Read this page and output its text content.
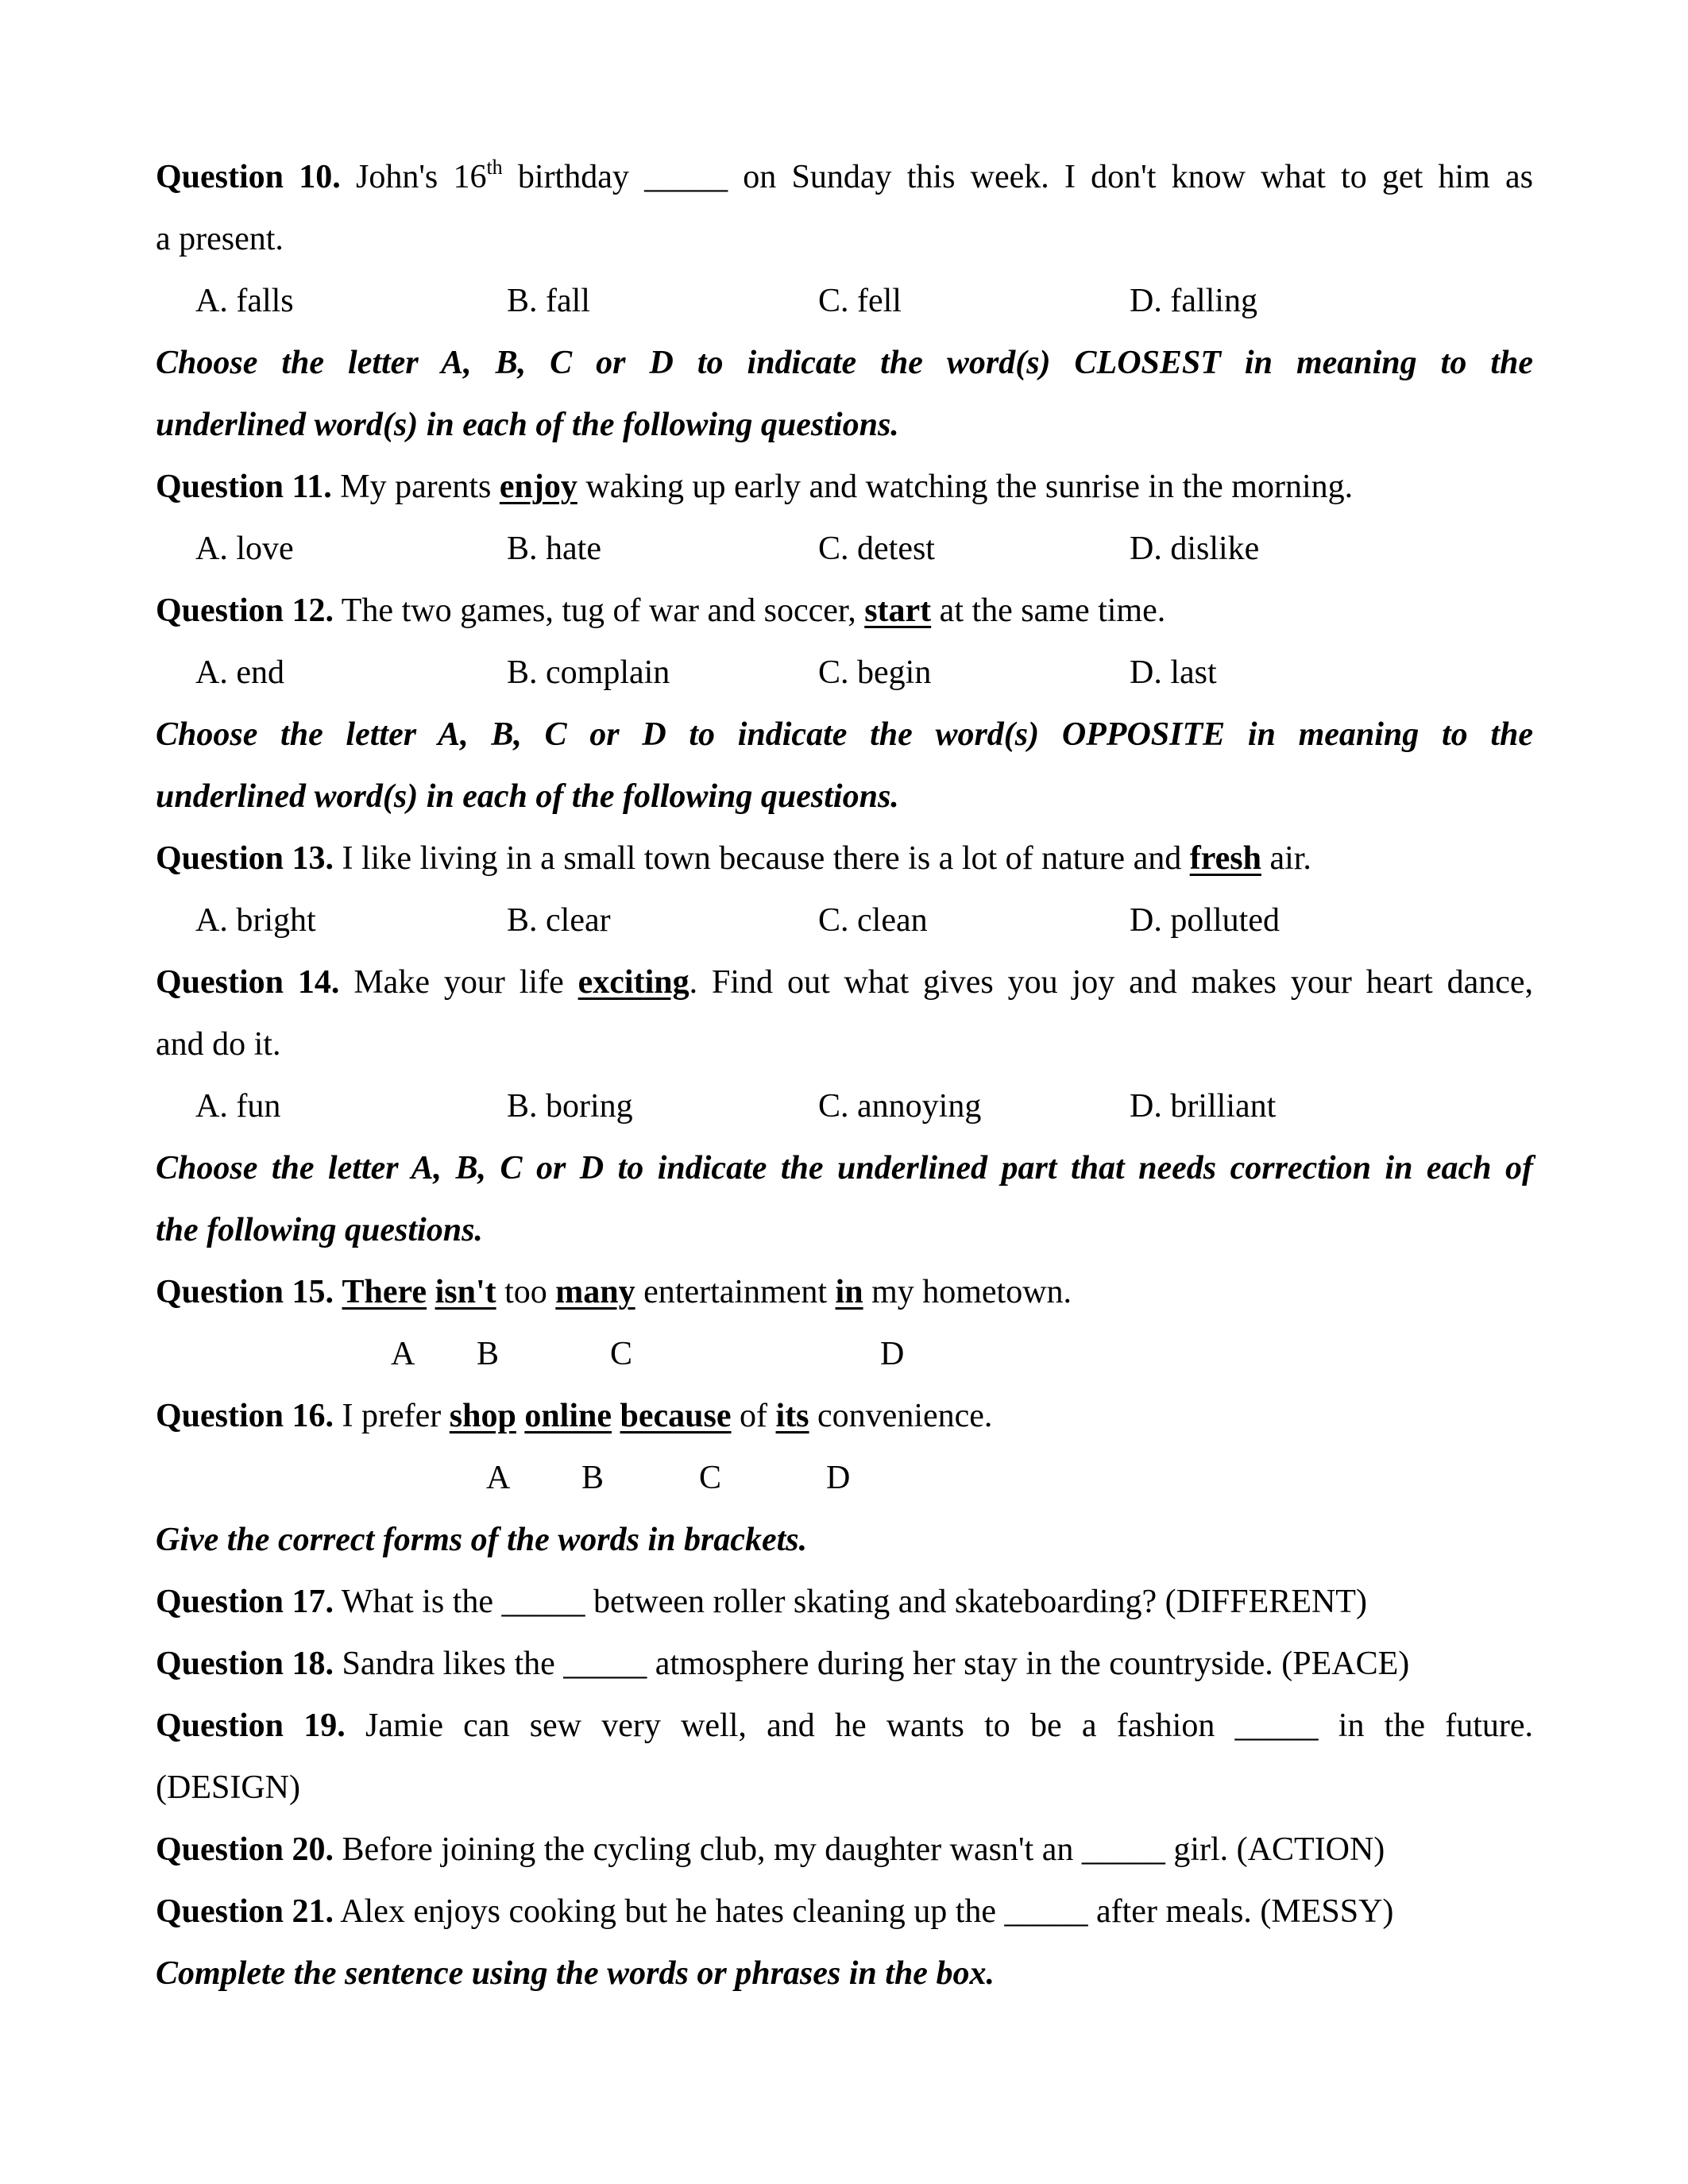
Question 10. John's 16th birthday _____ on Sunday this week. I don't know what to get him as
a present.
A. falls	B. fall	C. fell	D. falling
Choose the letter A, B, C or D to indicate the word(s) CLOSEST in meaning to the
underlined word(s) in each of the following questions.
Question 11. My parents enjoy waking up early and watching the sunrise in the morning.
A. love	B. hate	C. detest	D. dislike
Question 12. The two games, tug of war and soccer, start at the same time.
A. end	B. complain	C. begin	D. last
Choose the letter A, B, C or D to indicate the word(s) OPPOSITE in meaning to the
underlined word(s) in each of the following questions.
Question 13. I like living in a small town because there is a lot of nature and fresh air.
A. bright	B. clear	C. clean	D. polluted
Question 14. Make your life exciting. Find out what gives you joy and makes your heart dance,
and do it.
A. fun	B. boring	C. annoying	D. brilliant
Choose the letter A, B, C or D to indicate the underlined part that needs correction in each of
the following questions.
Question 15. There isn't too many entertainment in my hometown.
A B	C	D
Question 16. I prefer shop online because of its convenience.
A B	C	D
Give the correct forms of the words in brackets.
Question 17. What is the _____ between roller skating and skateboarding? (DIFFERENT)
Question 18. Sandra likes the _____ atmosphere during her stay in the countryside. (PEACE)
Question 19. Jamie can sew very well, and he wants to be a fashion _____ in the future.
(DESIGN)
Question 20. Before joining the cycling club, my daughter wasn't an _____ girl. (ACTION)
Question 21. Alex enjoys cooking but he hates cleaning up the _____ after meals. (MESSY)
Complete the sentence using the words or phrases in the box.
